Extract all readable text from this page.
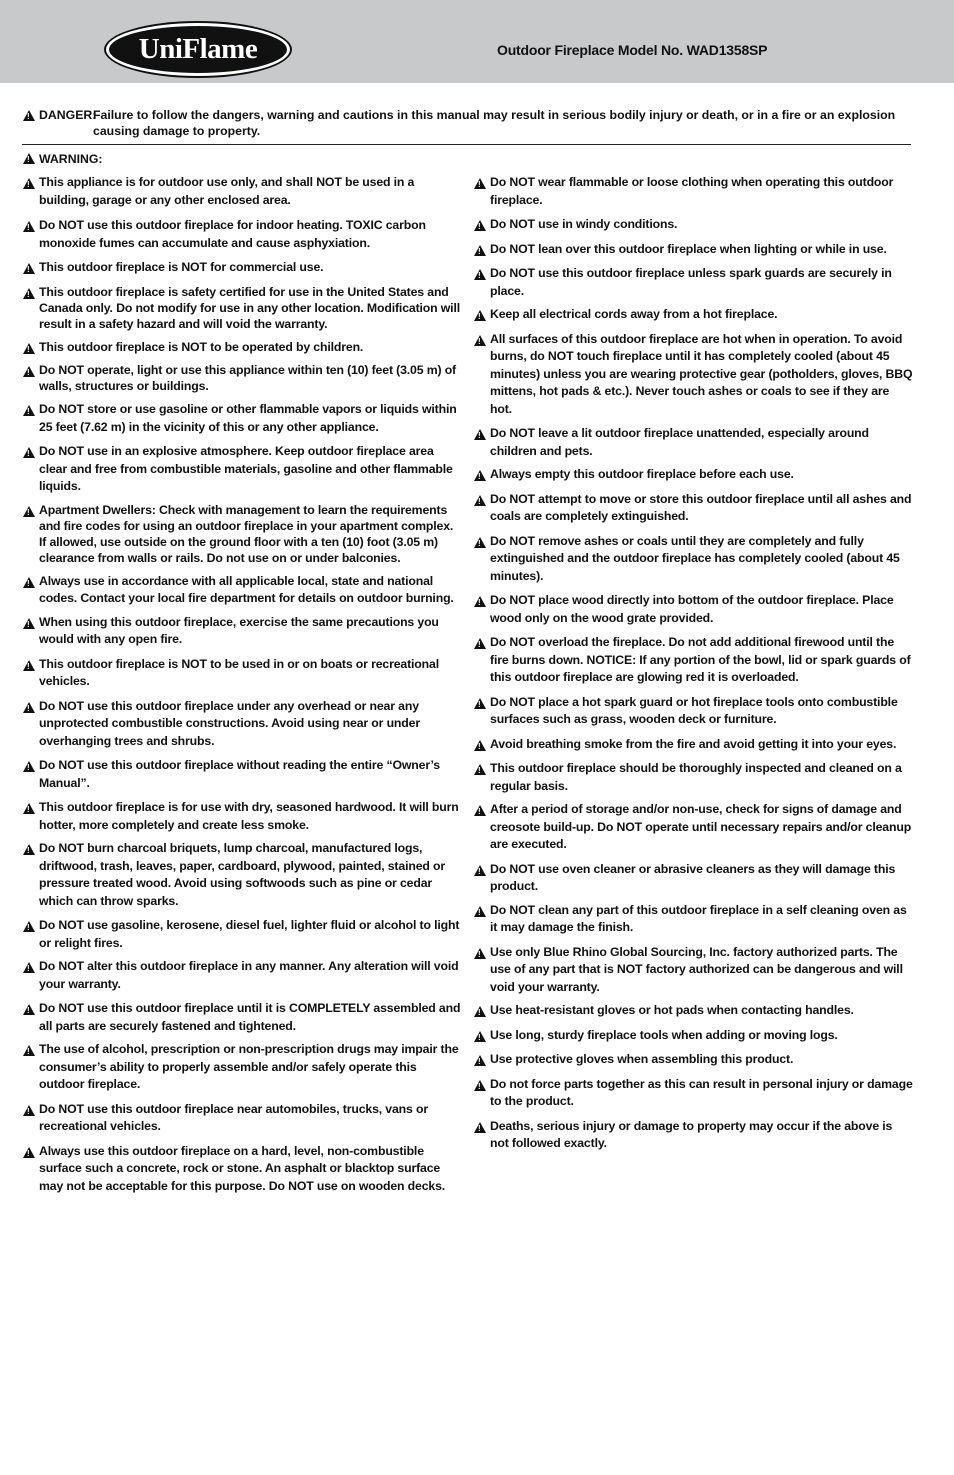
UniFlame	Outdoor Fireplace Model No. WAD1358SP
!
DANGER:
Failure to follow the dangers, warning and cautions in this manual may result in serious bodily injury or death, or in a fire or an explosion causing damage to property.
!WARNING:
!
This appliance is for outdoor use only, and shall NOT be used in a building, garage or any other enclosed area.
!
Do NOT use this outdoor fireplace for indoor heating. TOXIC carbon monoxide fumes can accumulate and cause asphyxiation.
!
This outdoor fireplace is NOT for commercial use.
!
This outdoor fireplace is safety certified for use in the United States and Canada only. Do not modify for use in any other location. Modification will result in a safety hazard and will void the warranty.
!
This outdoor fireplace is NOT to be operated by children.
!
Do NOT operate, light or use this appliance within ten (10) feet (3.05 m) of walls, structures or buildings.
!
Do NOT store or use gasoline or other flammable vapors or liquids within 25 feet (7.62 m) in the vicinity of this or any other appliance.
!
Do NOT use in an explosive atmosphere. Keep outdoor fireplace area clear and free from combustible materials, gasoline and other flammable liquids.
!
Apartment Dwellers: Check with management to learn the requirements and fire codes for using an outdoor fireplace in your apartment complex. If allowed, use outside on the ground floor with a ten (10) foot (3.05 m) clearance from walls or rails. Do not use on or under balconies.
!
Always use in accordance with all applicable local, state and national codes. Contact your local fire department for details on outdoor burning.
!
When using this outdoor fireplace, exercise the same precautions you would with any open fire.
!
This outdoor fireplace is NOT to be used in or on boats or recreational vehicles.
!
Do NOT use this outdoor fireplace under any overhead or near any unprotected combustible constructions. Avoid using near or under overhanging trees and shrubs.
!
Do NOT use this outdoor fireplace without reading the entire “Owner’s Manual”.
!
This outdoor fireplace is for use with dry, seasoned hardwood. It will burn hotter, more completely and create less smoke.
!
Do NOT burn charcoal briquets, lump charcoal, manufactured logs, driftwood, trash, leaves, paper, cardboard, plywood, painted, stained or pressure treated wood. Avoid using softwoods such as pine or cedar which can throw sparks.
!
Do NOT use gasoline, kerosene, diesel fuel, lighter fluid or alcohol to light or relight fires.
!
Do NOT alter this outdoor fireplace in any manner. Any alteration will void your warranty.
!
Do NOT use this outdoor fireplace until it is COMPLETELY assembled and all parts are securely fastened and tightened.
!
The use of alcohol, prescription or non-prescription drugs may impair the consumer’s ability to properly assemble and/or safely operate this outdoor fireplace.
!
Do NOT use this outdoor fireplace near automobiles, trucks, vans or recreational vehicles.
!
Always use this outdoor fireplace on a hard, level, non-combustible surface such a concrete, rock or stone. An asphalt or blacktop surface may not be acceptable for this purpose. Do NOT use on wooden decks.
!
Do NOT wear flammable or loose clothing when operating this outdoor fireplace.
!
Do NOT use in windy conditions.
!
Do NOT lean over this outdoor fireplace when lighting or while in use.
!
Do NOT use this outdoor fireplace unless spark guards are securely in place.
!
Keep all electrical cords away from a hot fireplace.
!
All surfaces of this outdoor fireplace are hot when in operation. To avoid burns, do NOT touch fireplace until it has completely cooled (about 45 minutes) unless you are wearing protective gear (potholders, gloves, BBQ mittens, hot pads & etc.). Never touch ashes or coals to see if they are hot.
!
Do NOT leave a lit outdoor fireplace unattended, especially around children and pets.
!
Always empty this outdoor fireplace before each use.
!
Do NOT attempt to move or store this outdoor fireplace until all ashes and coals are completely extinguished.
!
Do NOT remove ashes or coals until they are completely and fully extinguished and the outdoor fireplace has completely cooled (about 45 minutes).
!
Do NOT place wood directly into bottom of the outdoor fireplace. Place wood only on the wood grate provided.
!
Do NOT overload the fireplace. Do not add additional firewood until the fire burns down. NOTICE: If any portion of the bowl, lid or spark guards of this outdoor fireplace are glowing red it is overloaded.
!
Do NOT place a hot spark guard or hot fireplace tools onto combustible surfaces such as grass, wooden deck or furniture.
!
Avoid breathing smoke from the fire and avoid getting it into your eyes.
!
This outdoor fireplace should be thoroughly inspected and cleaned on a regular basis.
!
After a period of storage and/or non-use, check for signs of damage and creosote build-up. Do NOT operate until necessary repairs and/or cleanup are executed.
!
Do NOT use oven cleaner or abrasive cleaners as they will damage this product.
!
Do NOT clean any part of this outdoor fireplace in a self cleaning oven as it may damage the finish.
!
Use only Blue Rhino Global Sourcing, Inc. factory authorized parts. The use of any part that is NOT factory authorized can be dangerous and will void your warranty.
!
Use heat-resistant gloves or hot pads when contacting handles.
!
Use long, sturdy fireplace tools when adding or moving logs.
!
Use protective gloves when assembling this product.
!
Do not force parts together as this can result in personal injury or damage to the product.
!
Deaths, serious injury or damage to property may occur if the above is not followed exactly.
